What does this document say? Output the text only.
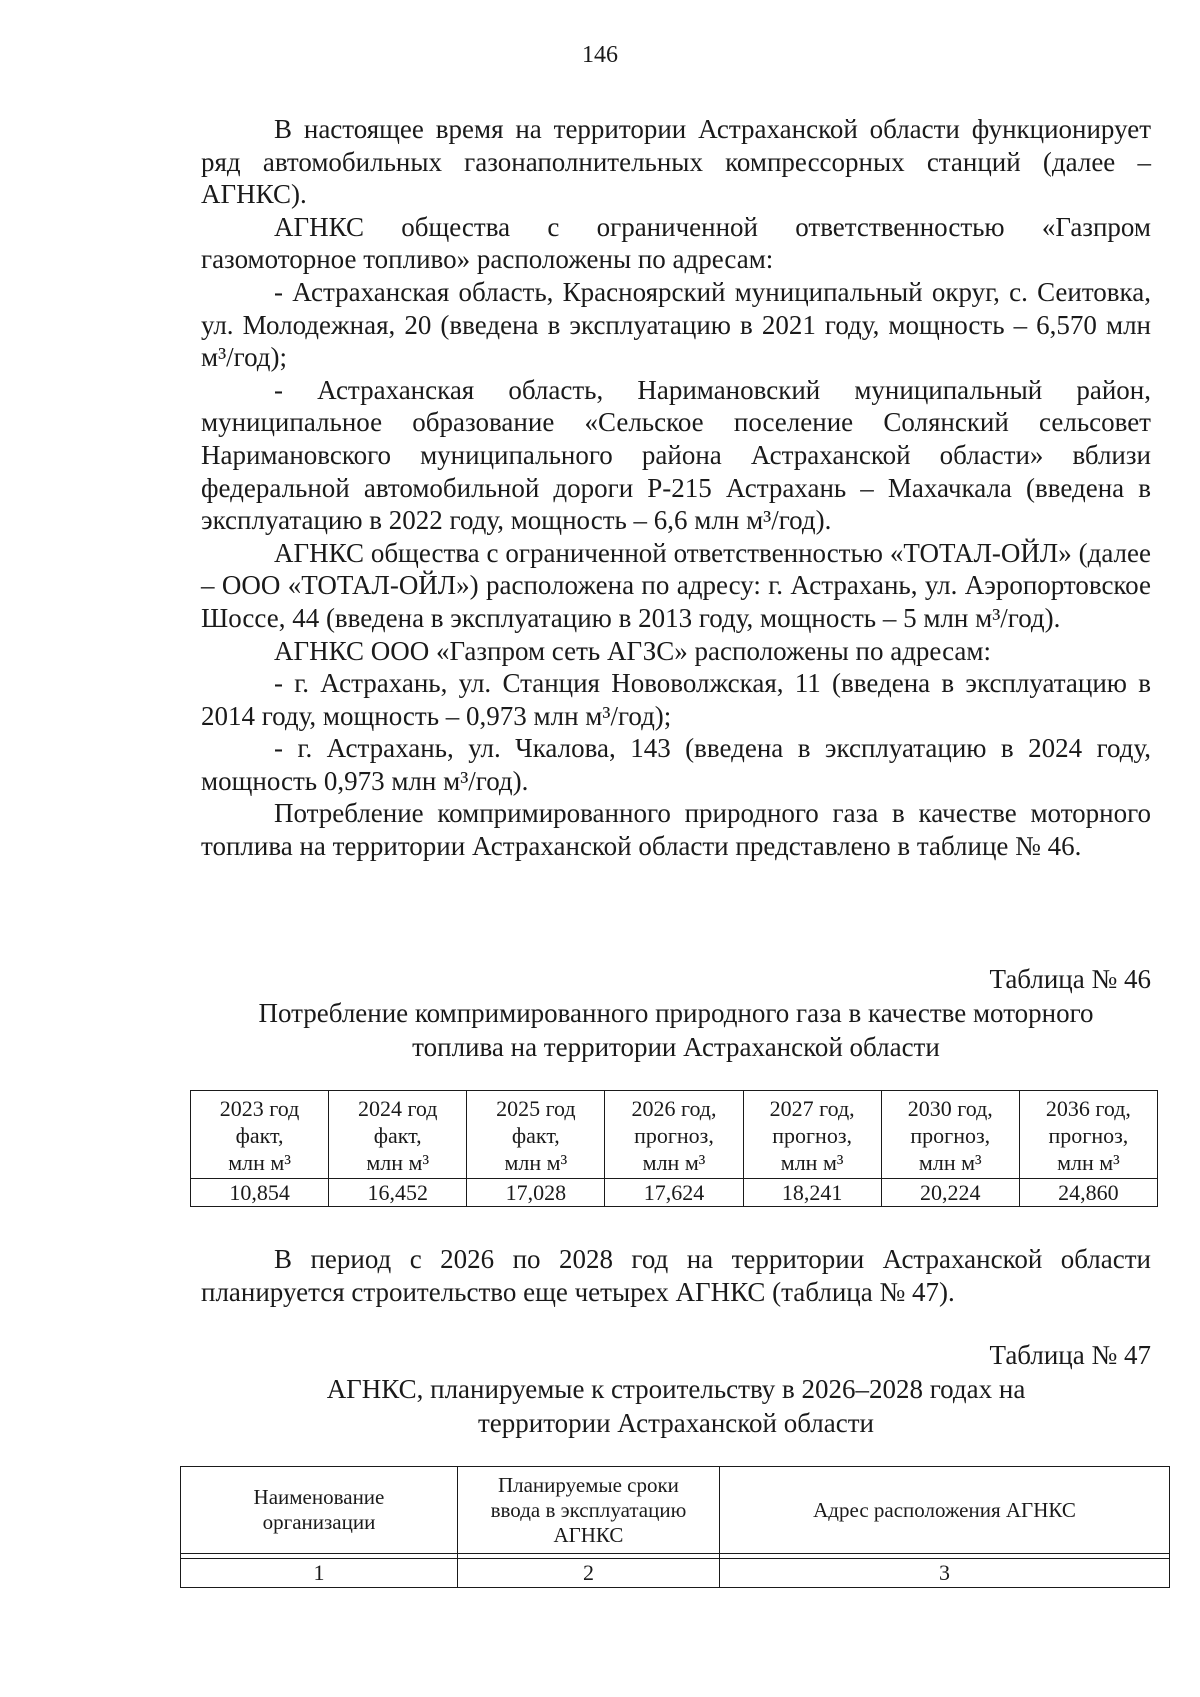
146

В настоящее время на территории Астраханской области функционирует ряд автомобильных газонаполнительных компрессорных станций (далее – АГНКС).

АГНКС общества с ограниченной ответственностью «Газпром газомоторное топливо» расположены по адресам:

- Астраханская область, Красноярский муниципальный округ, с. Сеитовка, ул. Молодежная, 20 (введена в эксплуатацию в 2021 году, мощность – 6,570 млн м³/год);

- Астраханская область, Наримановский муниципальный район, муниципальное образование «Сельское поселение Солянский сельсовет Наримановского муниципального района Астраханской области» вблизи федеральной автомобильной дороги Р-215 Астрахань – Махачкала (введена в эксплуатацию в 2022 году, мощность – 6,6 млн м³/год).

АГНКС общества с ограниченной ответственностью «ТОТАЛ-ОЙЛ» (далее – ООО «ТОТАЛ-ОЙЛ») расположена по адресу: г. Астрахань, ул. Аэропортовское Шоссе, 44 (введена в эксплуатацию в 2013 году, мощность – 5 млн м³/год).

АГНКС ООО «Газпром сеть АГЗС» расположены по адресам:

- г. Астрахань, ул. Станция Нововолжская, 11 (введена в эксплуатацию в 2014 году, мощность – 0,973 млн м³/год);

- г. Астрахань, ул. Чкалова, 143 (введена в эксплуатацию в 2024 году, мощность 0,973 млн м³/год).

Потребление компримированного природного газа в качестве моторного топлива на территории Астраханской области представлено в таблице № 46.

Таблица № 46
Потребление компримированного природного газа в качестве моторного
топлива на территории Астраханской области
2023 год
факт,
млн м³	2024 год
факт,
млн м³	2025 год
факт,
млн м³	2026 год,
прогноз,
млн м³	2027 год,
прогноз,
млн м³	2030 год,
прогноз,
млн м³	2036 год,
прогноз,
млн м³
10,854	16,452	17,028	17,624	18,241	20,224	24,860

В период с 2026 по 2028 год на территории Астраханской области планируется строительство еще четырех АГНКС (таблица № 47).

Таблица № 47
АГНКС, планируемые к строительству в 2026–2028 годах на
территории Астраханской области
Наименование
организации	Планируемые сроки
ввода в эксплуатацию
АГНКС	Адрес расположения АГНКС

1	2	3
